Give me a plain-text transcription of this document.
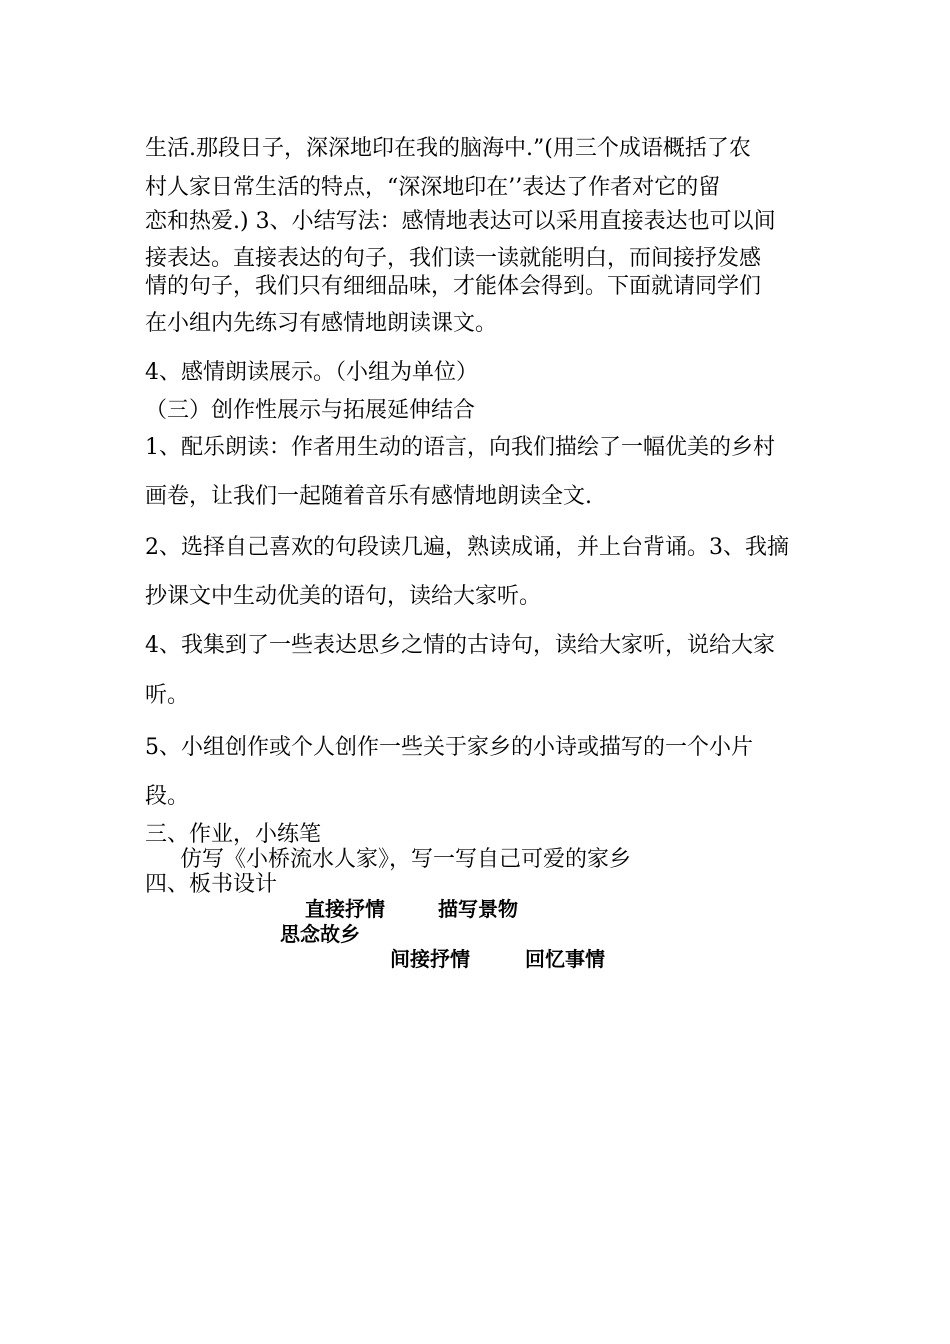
生活.那段日子，深深地印在我的脑海中.”(用三个成语概括了农
村人家日常生活的特点，“深深地印在’’表达了作者对它的留
恋和热爱.) 3、小结写法：感情地表达可以采用直接表达也可以间
接表达。直接表达的句子，我们读一读就能明白，而间接抒发感
情的句子，我们只有细细品味，才能体会得到。下面就请同学们
在小组内先练习有感情地朗读课文。
4、感情朗读展示。（小组为单位）
（三）创作性展示与拓展延伸结合
1、配乐朗读：作者用生动的语言，向我们描绘了一幅优美的乡村
画卷，让我们一起随着音乐有感情地朗读全文.
2、选择自己喜欢的句段读几遍，熟读成诵，并上台背诵。3、我摘
抄课文中生动优美的语句，读给大家听。
4、我集到了一些表达思乡之情的古诗句，读给大家听，说给大家
听。
5、小组创作或个人创作一些关于家乡的小诗或描写的一个小片
段。
三、作业，小练笔
仿写《小桥流水人家》，写一写自己可爱的家乡
四、板书设计
直接抒情	描写景物
思念故乡
间接抒情	回忆事情
